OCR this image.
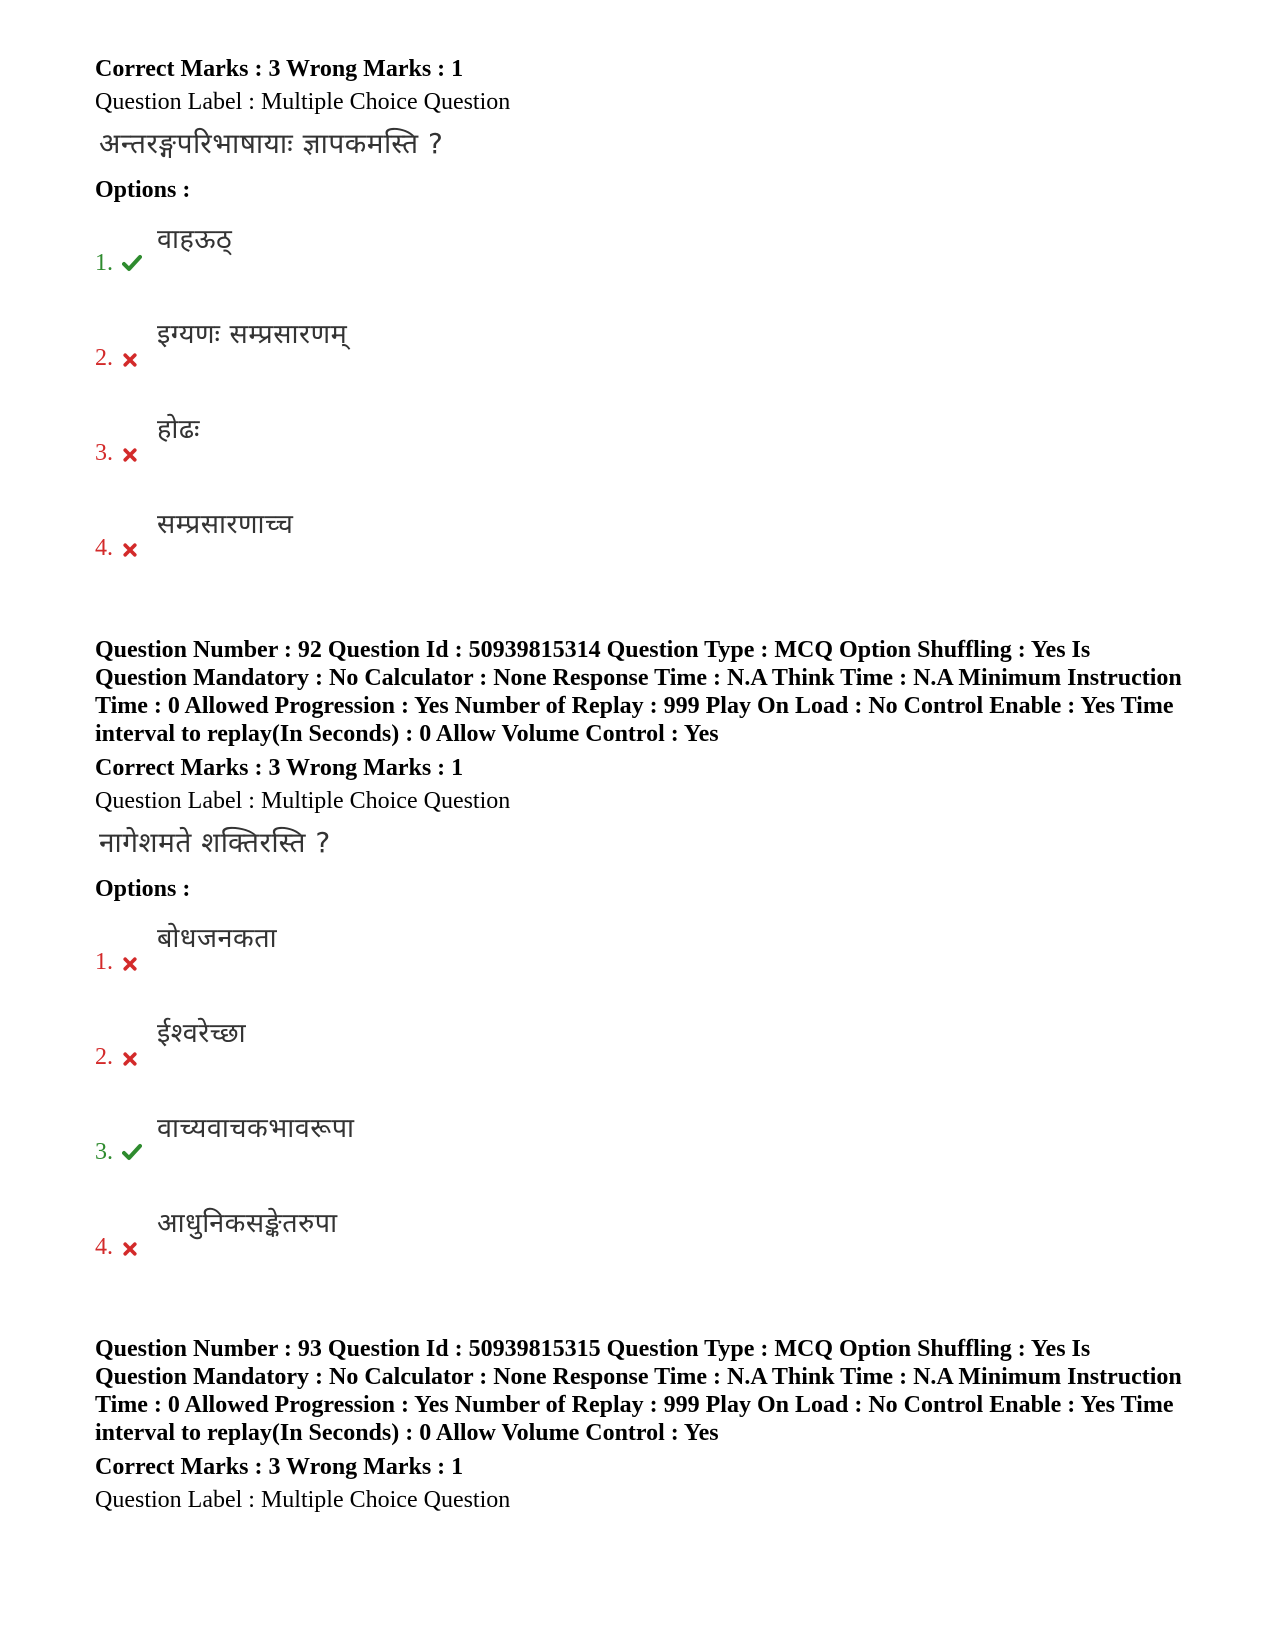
Correct Marks : 3 Wrong Marks : 1
Question Label : Multiple Choice Question
अन्तरङ्गपरिभाषायाः ज्ञापकमस्ति ?
Options :
1.
वाहऊठ्
2.
इग्यणः सम्प्रसारणम्
3.
होढः
4.
सम्प्रसारणाच्च
Question Number : 92 Question Id : 50939815314 Question Type : MCQ Option Shuffling : Yes Is Question Mandatory : No Calculator : None Response Time : N.A Think Time : N.A Minimum Instruction Time : 0 Allowed Progression : Yes Number of Replay : 999 Play On Load : No Control Enable : Yes Time interval to replay(In Seconds) : 0 Allow Volume Control : Yes
Correct Marks : 3 Wrong Marks : 1
Question Label : Multiple Choice Question
नागेशमते शक्तिरस्ति ?
Options :
1.
बोधजनकता
2.
ईश्वरेच्छा
3.
वाच्यवाचकभावरूपा
4.
आधुनिकसङ्केतरुपा
Question Number : 93 Question Id : 50939815315 Question Type : MCQ Option Shuffling : Yes Is Question Mandatory : No Calculator : None Response Time : N.A Think Time : N.A Minimum Instruction Time : 0 Allowed Progression : Yes Number of Replay : 999 Play On Load : No Control Enable : Yes Time interval to replay(In Seconds) : 0 Allow Volume Control : Yes
Correct Marks : 3 Wrong Marks : 1
Question Label : Multiple Choice Question
